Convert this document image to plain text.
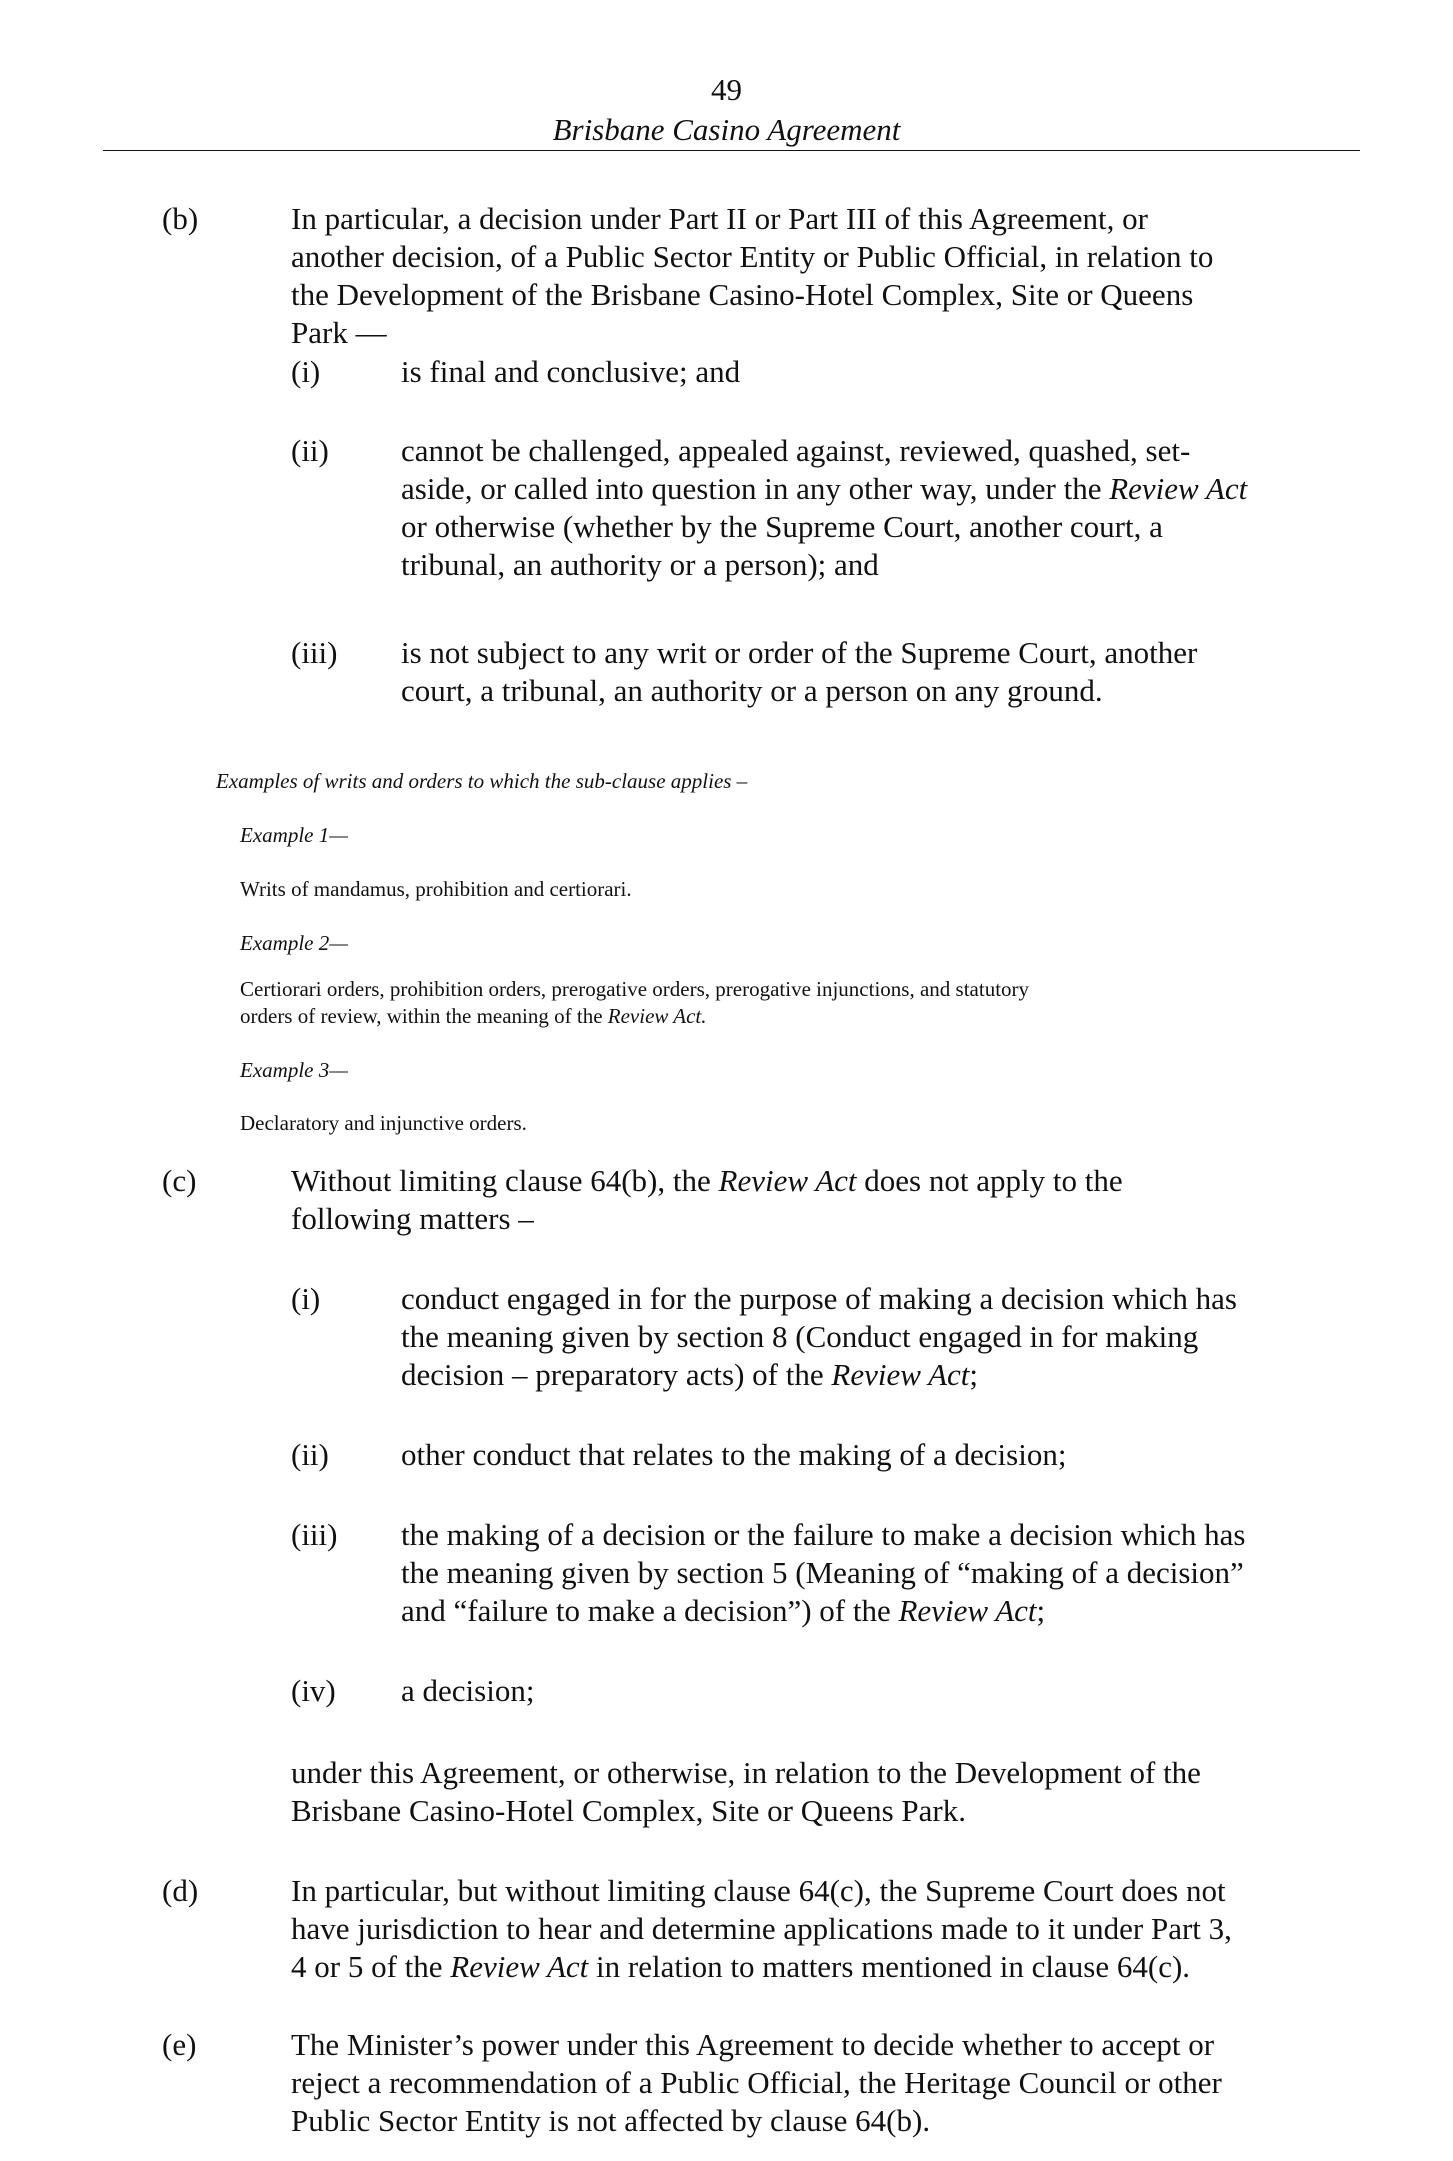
49
Brisbane Casino Agreement
(b)	In particular, a decision under Part II or Part III of this Agreement, or
another decision, of a Public Sector Entity or Public Official, in relation to
the Development of the Brisbane Casino-Hotel Complex, Site or Queens
Park —
(i)	is final and conclusive; and
(ii) cannot be challenged, appealed against, reviewed, quashed, set-
aside, or called into question in any other way, under the Review Act
or otherwise (whether by the Supreme Court, another court, a
tribunal, an authority or a person); and
(iii) is not subject to any writ or order of the Supreme Court, another
court, a tribunal, an authority or a person on any ground.
Examples of writs and orders to which the sub-clause applies –
Example 1—
Writs of mandamus, prohibition and certiorari.
Example 2—
Certiorari orders, prohibition orders, prerogative orders, prerogative injunctions, and statutory
orders of review, within the meaning of the Review Act.
Example 3—
Declaratory and injunctive orders.
(c)	Without limiting clause 64(b), the Review Act does not apply to the
following matters –
(i)	conduct engaged in for the purpose of making a decision which has
the meaning given by section 8 (Conduct engaged in for making
decision – preparatory acts) of the Review Act;
(ii) other conduct that relates to the making of a decision;
(iii) the making of a decision or the failure to make a decision which has
the meaning given by section 5 (Meaning of “making of a decision”
and “failure to make a decision”) of the Review Act;
(iv) a decision;
under this Agreement, or otherwise, in relation to the Development of the
Brisbane Casino-Hotel Complex, Site or Queens Park.
(d)	In particular, but without limiting clause 64(c), the Supreme Court does not
have jurisdiction to hear and determine applications made to it under Part 3,
4 or 5 of the Review Act in relation to matters mentioned in clause 64(c).
(e)	The Minister’s power under this Agreement to decide whether to accept or
reject a recommendation of a Public Official, the Heritage Council or other
Public Sector Entity is not affected by clause 64(b).
